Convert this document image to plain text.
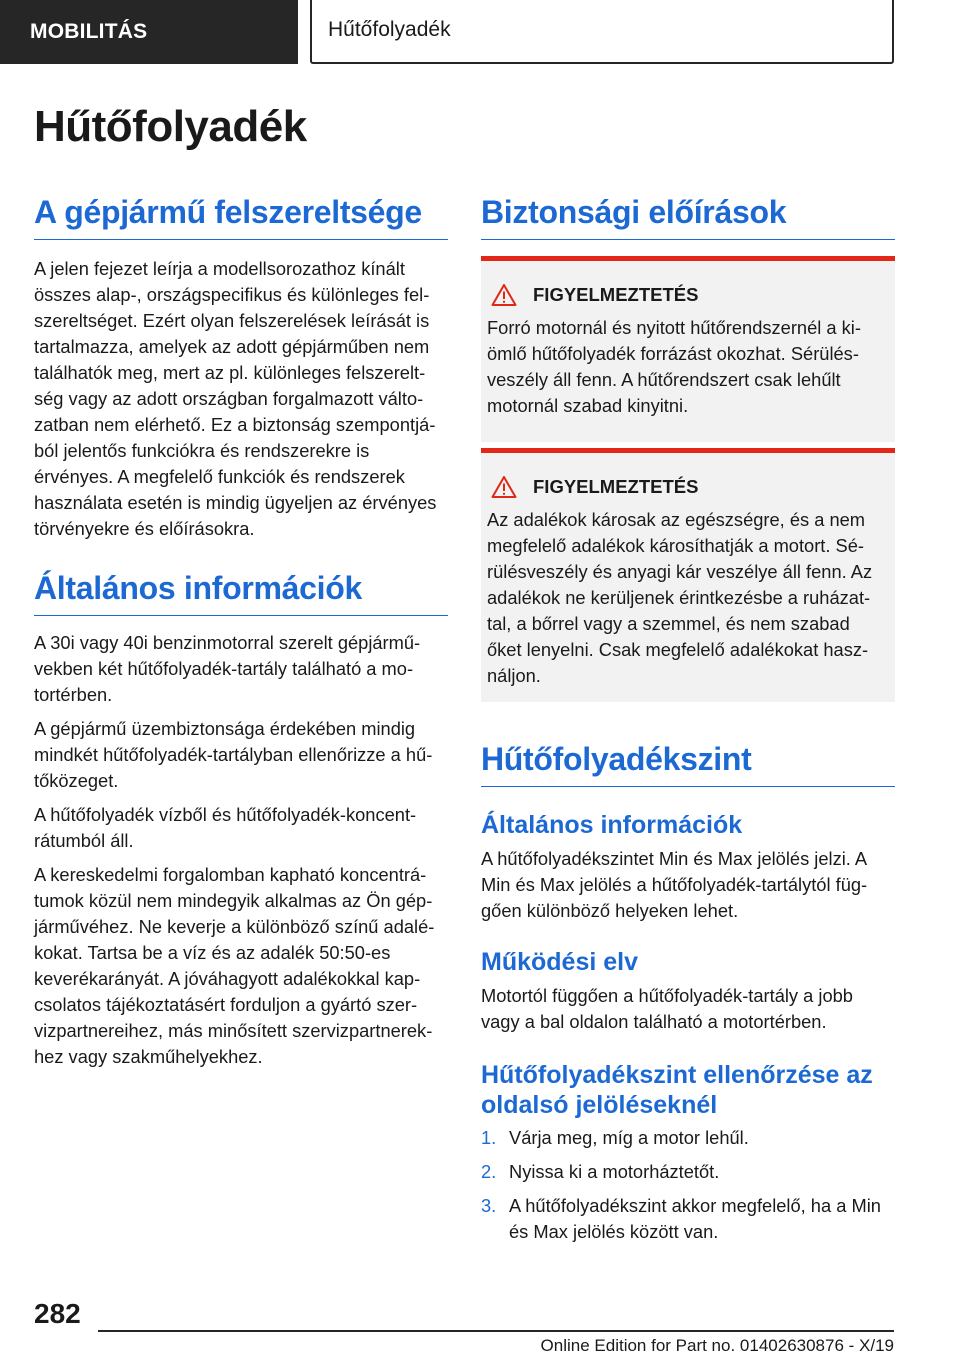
MOBILITÁS	Hűtőfolyadék
Hűtőfolyadék
A gépjármű felszereltsége

A jelen fejezet leírja a modellsorozathoz kínált összes alap-, országspecifikus és különleges felszereltséget. Ezért olyan felszerelések leírását is tartalmazza, amelyek az adott gépjárműben nem találhatók meg, mert az pl. különleges felszereltség vagy az adott országban forgalmazott változatban nem elérhető. Ez a biztonság szempontjából jelentős funkciókra és rendszerekre is érvényes. A megfelelő funkciók és rendszerek használata esetén is mindig ügyeljen az érvényes törvényekre és előírásokra.

Általános információk

A 30i vagy 40i benzinmotorral szerelt gépjárművekben két hűtőfolyadék-tartály található a motortérben.

A gépjármű üzembiztonsága érdekében mindig mindkét hűtőfolyadék-tartályban ellenőrizze a hűtőközeget.

A hűtőfolyadék vízből és hűtőfolyadék-koncentrátumból áll.

A kereskedelmi forgalomban kapható koncentrátumok közül nem mindegyik alkalmas az Ön gépjárművéhez. Ne keverje a különböző színű adalékokat. Tartsa be a víz és az adalék 50:50-es keverékarányát. A jóváhagyott adalékokkal kapcsolatos tájékoztatásért forduljon a gyártó szervizpartnereihez, más minősített szervizpartnerekhez vagy szakműhelyekhez.

Biztonsági előírások
FIGYELMEZTETÉS
Forró motornál és nyitott hűtőrendszernél a kiömlő hűtőfolyadék forrázást okozhat. Sérülésveszély áll fenn. A hűtőrendszert csak lehűlt motornál szabad kinyitni.
FIGYELMEZTETÉS
Az adalékok károsak az egészségre, és a nem megfelelő adalékok károsíthatják a motort. Sérülésveszély és anyagi kár veszélye áll fenn. Az adalékok ne kerüljenek érintkezésbe a ruházattal, a bőrrel vagy a szemmel, és nem szabad őket lenyelni. Csak megfelelő adalékokat használjon.
Hűtőfolyadékszint
Általános információk
A hűtőfolyadékszintet Min és Max jelölés jelzi. A Min és Max jelölés a hűtőfolyadék-tartálytól függően különböző helyeken lehet.
Működési elv
Motortól függően a hűtőfolyadék-tartály a jobb vagy a bal oldalon található a motortérben.
Hűtőfolyadékszint ellenőrzése az oldalsó jelöléseknél
1. Várja meg, míg a motor lehűl.
2. Nyissa ki a motorháztetőt.
3. A hűtőfolyadékszint akkor megfelelő, ha a Min és Max jelölés között van.
282
Online Edition for Part no. 01402630876 - X/19
